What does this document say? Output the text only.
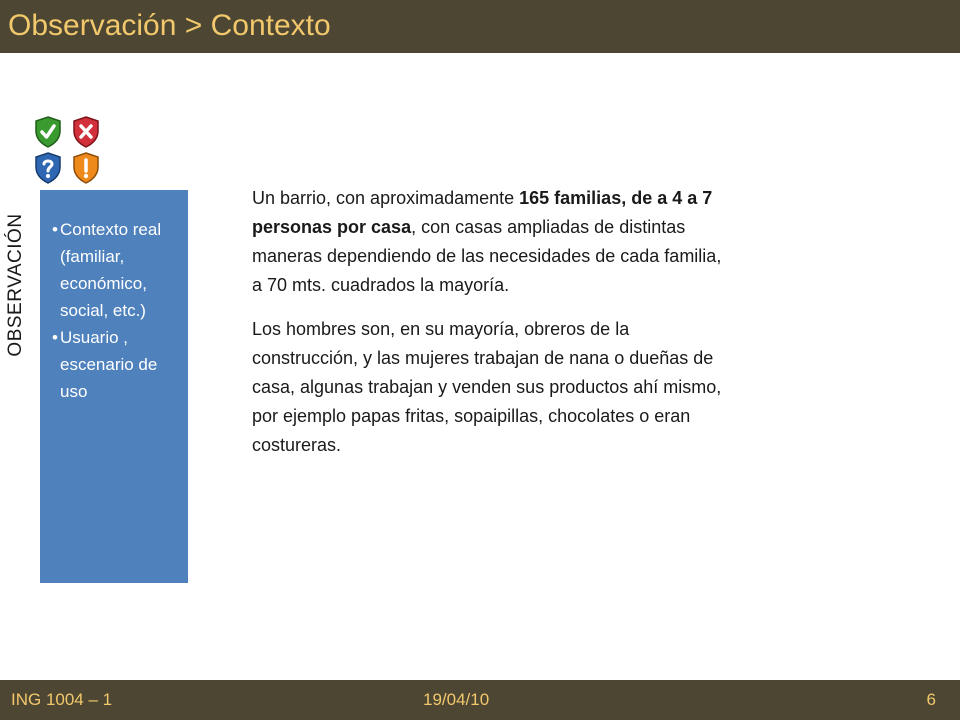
Observación > Contexto
OBSERVACIÓN • Contexto real (familiar, económico, social, etc.)
• Usuario , escenario de uso

Un barrio, con aproximadamente 165 familias, de a 4 a 7 personas por casa, con casas ampliadas de distintas maneras dependiendo de las necesidades de cada familia, a 70 mts. cuadrados la mayoría.

Los hombres son, en su mayoría, obreros de la construcción, y las mujeres trabajan de nana o dueñas de casa, algunas trabajan y venden sus productos ahí mismo, por ejemplo papas fritas, sopaipillas, chocolates o eran costureras.

ING 1004 – 1	19/04/10	6
